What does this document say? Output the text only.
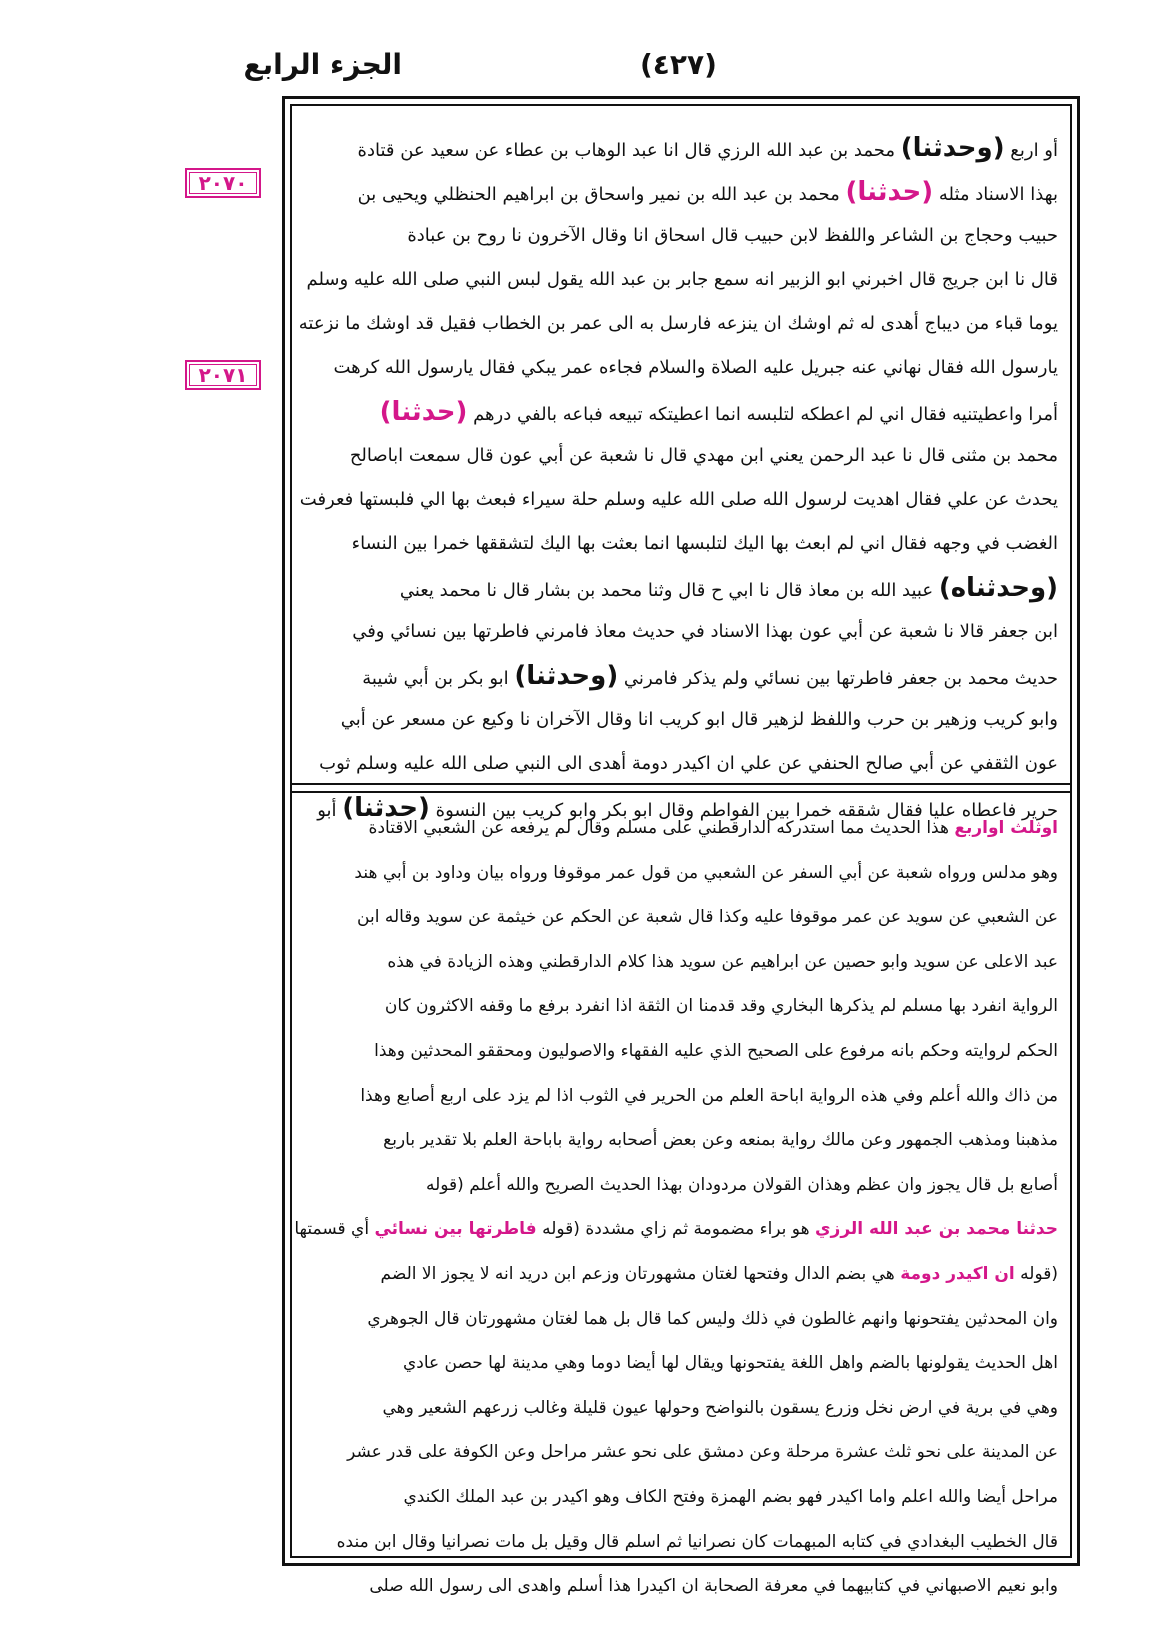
(٤٢٧)
الجزء الرابع
٢٠٧٠
٢٠٧١
أو اربع (وحدثنا) محمد بن عبد الله الرزي قال انا عبد الوهاب بن عطاء عن سعيد عن قتادة
بهذا الاسناد مثله (حدثنا) محمد بن عبد الله بن نمير واسحاق بن ابراهيم الحنظلي ويحيى بن
حبيب وحجاج بن الشاعر واللفظ لابن حبيب قال اسحاق انا وقال الآخرون نا روح بن عبادة
قال نا ابن جريج قال اخبرني ابو الزبير انه سمع جابر بن عبد الله يقول لبس النبي صلى الله عليه وسلم
يوما قباء من ديباج أهدى له ثم اوشك ان ينزعه فارسل به الى عمر بن الخطاب فقيل قد اوشك ما نزعته
يارسول الله فقال نهاني عنه جبريل عليه الصلاة والسلام فجاءه عمر يبكي فقال يارسول الله كرهت
أمرا واعطيتنيه فقال اني لم اعطكه لتلبسه انما اعطيتكه تبيعه فباعه بالفي درهم (حدثنا)
محمد بن مثنى قال نا عبد الرحمن يعني ابن مهدي قال نا شعبة عن أبي عون قال سمعت اباصالح
يحدث عن علي فقال اهديت لرسول الله صلى الله عليه وسلم حلة سيراء فبعث بها الي فلبستها فعرفت
الغضب في وجهه فقال اني لم ابعث بها اليك لتلبسها انما بعثت بها اليك لتشققها خمرا بين النساء
(وحدثناه) عبيد الله بن معاذ قال نا ابي ح قال وثنا محمد بن بشار قال نا محمد يعني
ابن جعفر قالا نا شعبة عن أبي عون بهذا الاسناد في حديث معاذ فامرني فاطرتها بين نسائي وفي
حديث محمد بن جعفر فاطرتها بين نسائي ولم يذكر فامرني (وحدثنا) ابو بكر بن أبي شيبة
وابو كريب وزهير بن حرب واللفظ لزهير قال ابو كريب انا وقال الآخران نا وكيع عن مسعر عن أبي
عون الثقفي عن أبي صالح الحنفي عن علي ان اكيدر دومة أهدى الى النبي صلى الله عليه وسلم ثوب
حرير فاعطاه عليا فقال شققه خمرا بين الفواطم وقال ابو بكر وابو كريب بين النسوة (حدثنا) أبو
اوثلث اواربع هذا الحديث مما استدركه الدارقطني على مسلم وقال لم يرفعه عن الشعبي الاقتادة
وهو مدلس ورواه شعبة عن أبي السفر عن الشعبي من قول عمر موقوفا ورواه بيان وداود بن أبي هند
عن الشعبي عن سويد عن عمر موقوفا عليه وكذا قال شعبة عن الحكم عن خيثمة عن سويد وقاله ابن
عبد الاعلى عن سويد وابو حصين عن ابراهيم عن سويد هذا كلام الدارقطني وهذه الزيادة في هذه
الرواية انفرد بها مسلم لم يذكرها البخاري وقد قدمنا ان الثقة اذا انفرد برفع ما وقفه الاكثرون كان
الحكم لروايته وحكم بانه مرفوع على الصحيح الذي عليه الفقهاء والاصوليون ومحققو المحدثين وهذا
من ذاك والله أعلم وفي هذه الرواية اباحة العلم من الحرير في الثوب اذا لم يزد على اربع أصابع وهذا
مذهبنا ومذهب الجمهور وعن مالك رواية بمنعه وعن بعض أصحابه رواية باباحة العلم بلا تقدير باربع
أصابع بل قال يجوز وان عظم وهذان القولان مردودان بهذا الحديث الصريح والله أعلم (قوله
حدثنا محمد بن عبد الله الرزي هو براء مضمومة ثم زاي مشددة (قوله فاطرتها بين نسائي أي قسمتها
(قوله ان اكيدر دومة هي بضم الدال وفتحها لغتان مشهورتان وزعم ابن دريد انه لا يجوز الا الضم
وان المحدثين يفتحونها وانهم غالطون في ذلك وليس كما قال بل هما لغتان مشهورتان قال الجوهري
اهل الحديث يقولونها بالضم واهل اللغة يفتحونها ويقال لها أيضا دوما وهي مدينة لها حصن عادي
وهي في برية في ارض نخل وزرع يسقون بالنواضح وحولها عيون قليلة وغالب زرعهم الشعير وهي
عن المدينة على نحو ثلث عشرة مرحلة وعن دمشق على نحو عشر مراحل وعن الكوفة على قدر عشر
مراحل أيضا والله اعلم واما اكيدر فهو بضم الهمزة وفتح الكاف وهو اكيدر بن عبد الملك الكندي
قال الخطيب البغدادي في كتابه المبهمات كان نصرانيا ثم اسلم قال وقيل بل مات نصرانيا وقال ابن منده
وابو نعيم الاصبهاني في كتابيهما في معرفة الصحابة ان اكيدرا هذا أسلم واهدى الى رسول الله صلى
